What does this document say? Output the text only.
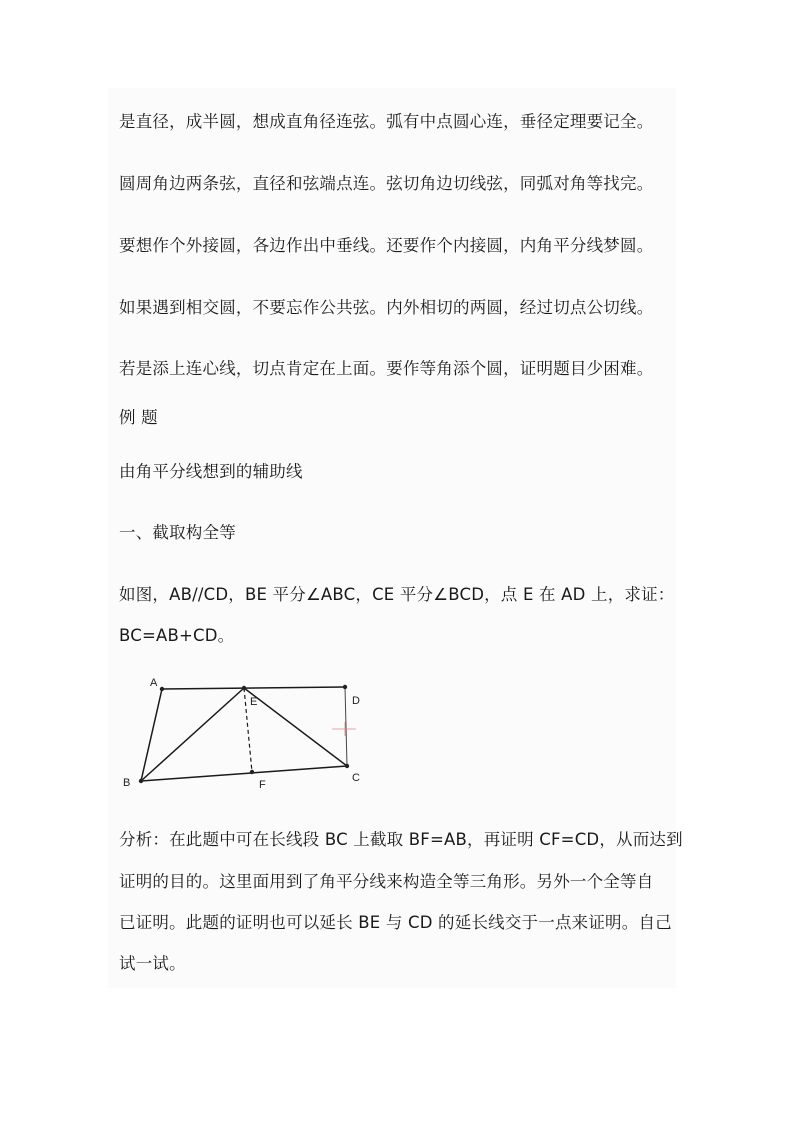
是直径，成半圆，想成直角径连弦。弧有中点圆心连，垂径定理要记全。
圆周角边两条弦，直径和弦端点连。弦切角边切线弦，同弧对角等找完。
要想作个外接圆，各边作出中垂线。还要作个内接圆，内角平分线梦圆。
如果遇到相交圆，不要忘作公共弦。内外相切的两圆，经过切点公切线。
若是添上连心线，切点肯定在上面。要作等角添个圆，证明题目少困难。
例 题
由角平分线想到的辅助线
一、截取构全等
如图，AB//CD，BE 平分∠ABC，CE 平分∠BCD，点 E 在 AD 上，求证：
BC=AB+CD。
A
E	D
B	F
C
分析：在此题中可在长线段 BC 上截取 BF=AB，再证明 CF=CD，从而达到
证明的目的。这里面用到了角平分线来构造全等三角形。另外一个全等自
已证明。此题的证明也可以延长 BE 与 CD 的延长线交于一点来证明。自己
试一试。
